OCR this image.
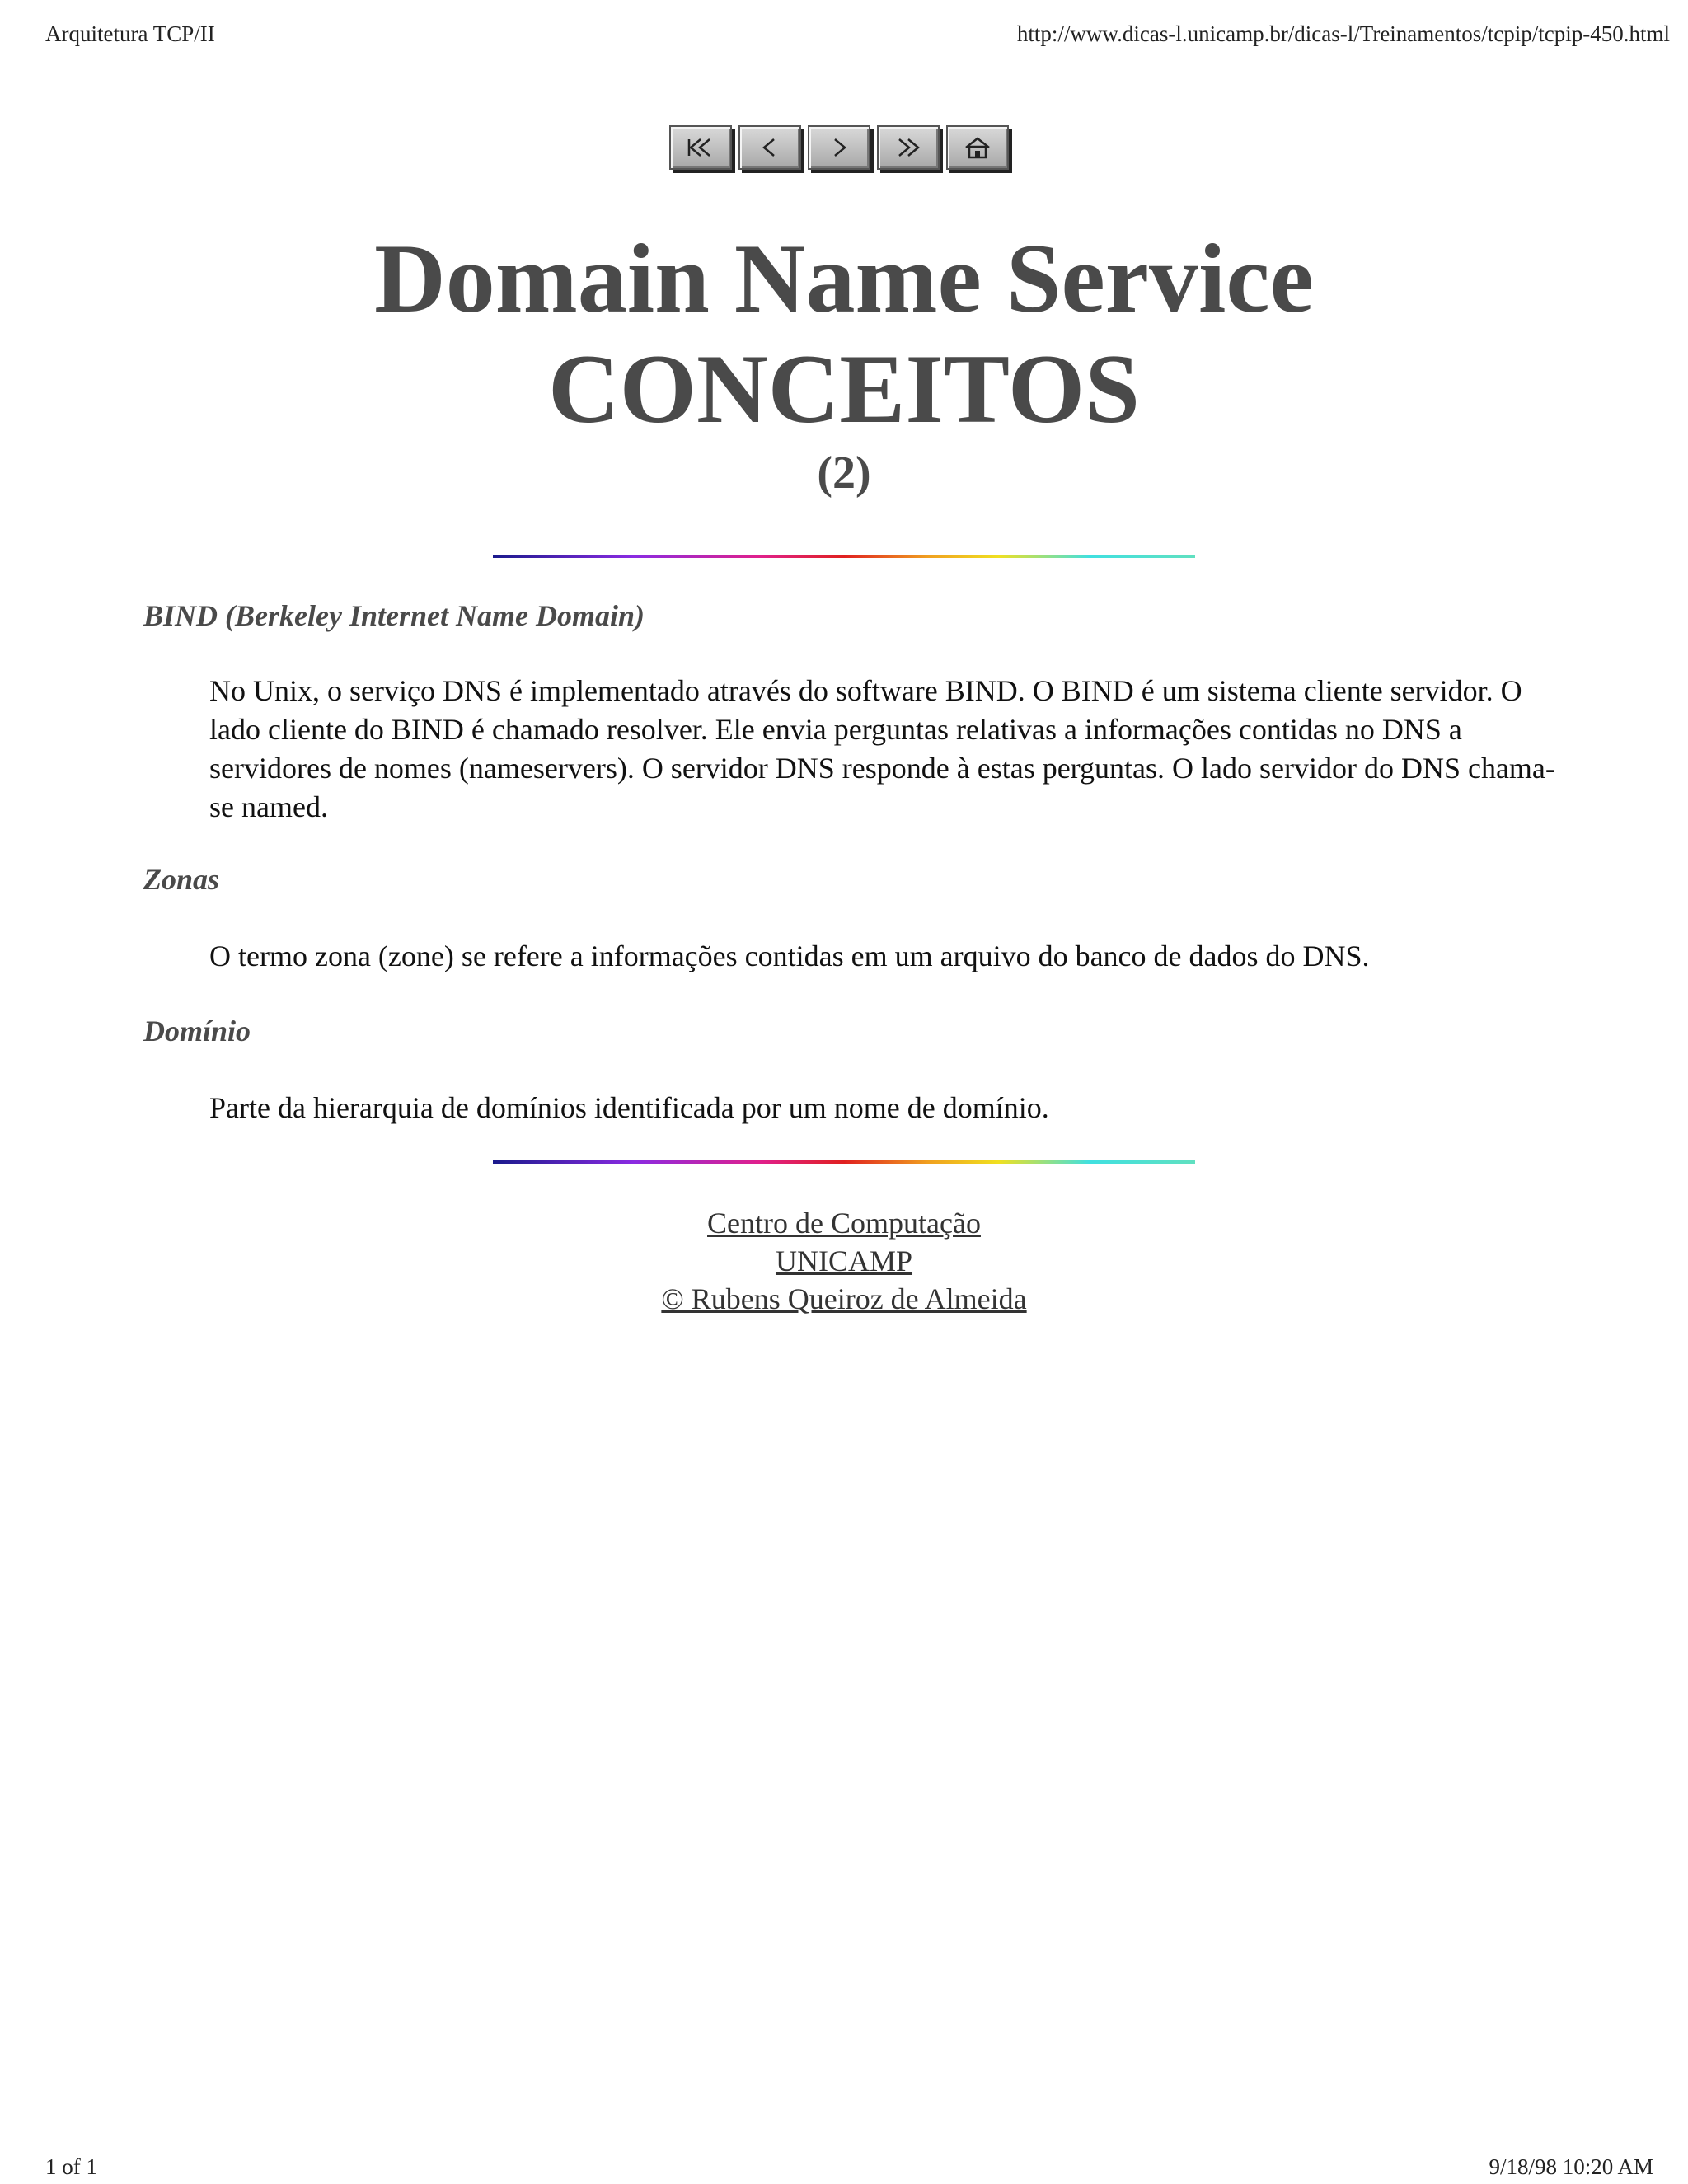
Arquitetura TCP/II	http://www.dicas-l.unicamp.br/dicas-l/Treinamentos/tcpip/tcpip-450.html
Domain Name Service
CONCEITOS
(2)
BIND (Berkeley Internet Name Domain)
No Unix, o serviço DNS é implementado através do software BIND. O BIND é um sistema cliente servidor. O lado cliente do BIND é chamado resolver. Ele envia perguntas relativas a informações contidas no DNS a servidores de nomes (nameservers). O servidor DNS responde à estas perguntas. O lado servidor do DNS chama-se named.
Zonas
O termo zona (zone) se refere a informações contidas em um arquivo do banco de dados do DNS.
Domínio
Parte da hierarquia de domínios identificada por um nome de domínio.
Centro de Computação
UNICAMP
© Rubens Queiroz de Almeida
1 of 1	9/18/98 10:20 AM
